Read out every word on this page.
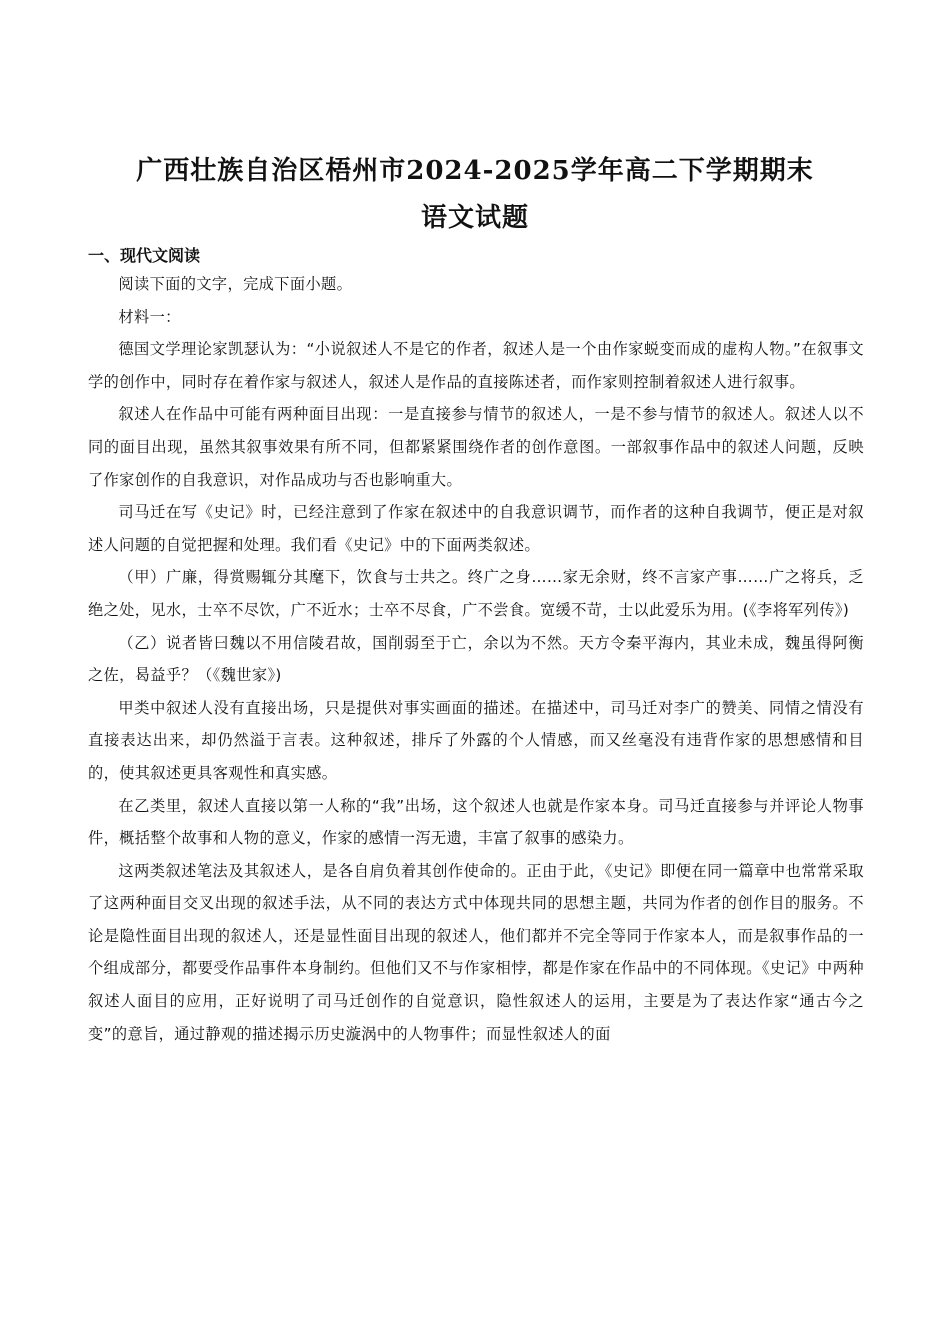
广西壮族自治区梧州市2024-2025学年高二下学期期末
语文试题
一、现代文阅读

阅读下面的文字，完成下面小题。

材料一：

德国文学理论家凯瑟认为：“小说叙述人不是它的作者，叙述人是一个由作家蜕变而成的虚构人物。”在叙事文学的创作中，同时存在着作家与叙述人，叙述人是作品的直接陈述者，而作家则控制着叙述人进行叙事。

叙述人在作品中可能有两种面目出现：一是直接参与情节的叙述人，一是不参与情节的叙述人。叙述人以不同的面目出现，虽然其叙事效果有所不同，但都紧紧围绕作者的创作意图。一部叙事作品中的叙述人问题，反映了作家创作的自我意识，对作品成功与否也影响重大。

司马迁在写《史记》时，已经注意到了作家在叙述中的自我意识调节，而作者的这种自我调节，便正是对叙述人问题的自觉把握和处理。我们看《史记》中的下面两类叙述。

（甲）广廉，得赏赐辄分其麾下，饮食与士共之。终广之身……家无余财，终不言家产事……广之将兵，乏绝之处，见水，士卒不尽饮，广不近水；士卒不尽食，广不尝食。宽缓不苛，士以此爱乐为用。(《李将军列传》)

（乙）说者皆曰魏以不用信陵君故，国削弱至于亡，余以为不然。天方令秦平海内，其业未成，魏虽得阿衡之佐，曷益乎？（《魏世家》)

甲类中叙述人没有直接出场，只是提供对事实画面的描述。在描述中，司马迁对李广的赞美、同情之情没有直接表达出来，却仍然溢于言表。这种叙述，排斥了外露的个人情感，而又丝毫没有违背作家的思想感情和目的，使其叙述更具客观性和真实感。

在乙类里，叙述人直接以第一人称的“我”出场，这个叙述人也就是作家本身。司马迁直接参与并评论人物事件，概括整个故事和人物的意义，作家的感情一泻无遗，丰富了叙事的感染力。

这两类叙述笔法及其叙述人，是各自肩负着其创作使命的。正由于此，《史记》即便在同一篇章中也常常采取了这两种面目交叉出现的叙述手法，从不同的表达方式中体现共同的思想主题，共同为作者的创作目的服务。不论是隐性面目出现的叙述人，还是显性面目出现的叙述人，他们都并不完全等同于作家本人，而是叙事作品的一个组成部分，都要受作品事件本身制约。但他们又不与作家相悖，都是作家在作品中的不同体现。《史记》中两种叙述人面目的应用，正好说明了司马迁创作的自觉意识，隐性叙述人的运用，主要是为了表达作家“通古今之变”的意旨，通过静观的描述揭示历史漩涡中的人物事件；而显性叙述人的面
